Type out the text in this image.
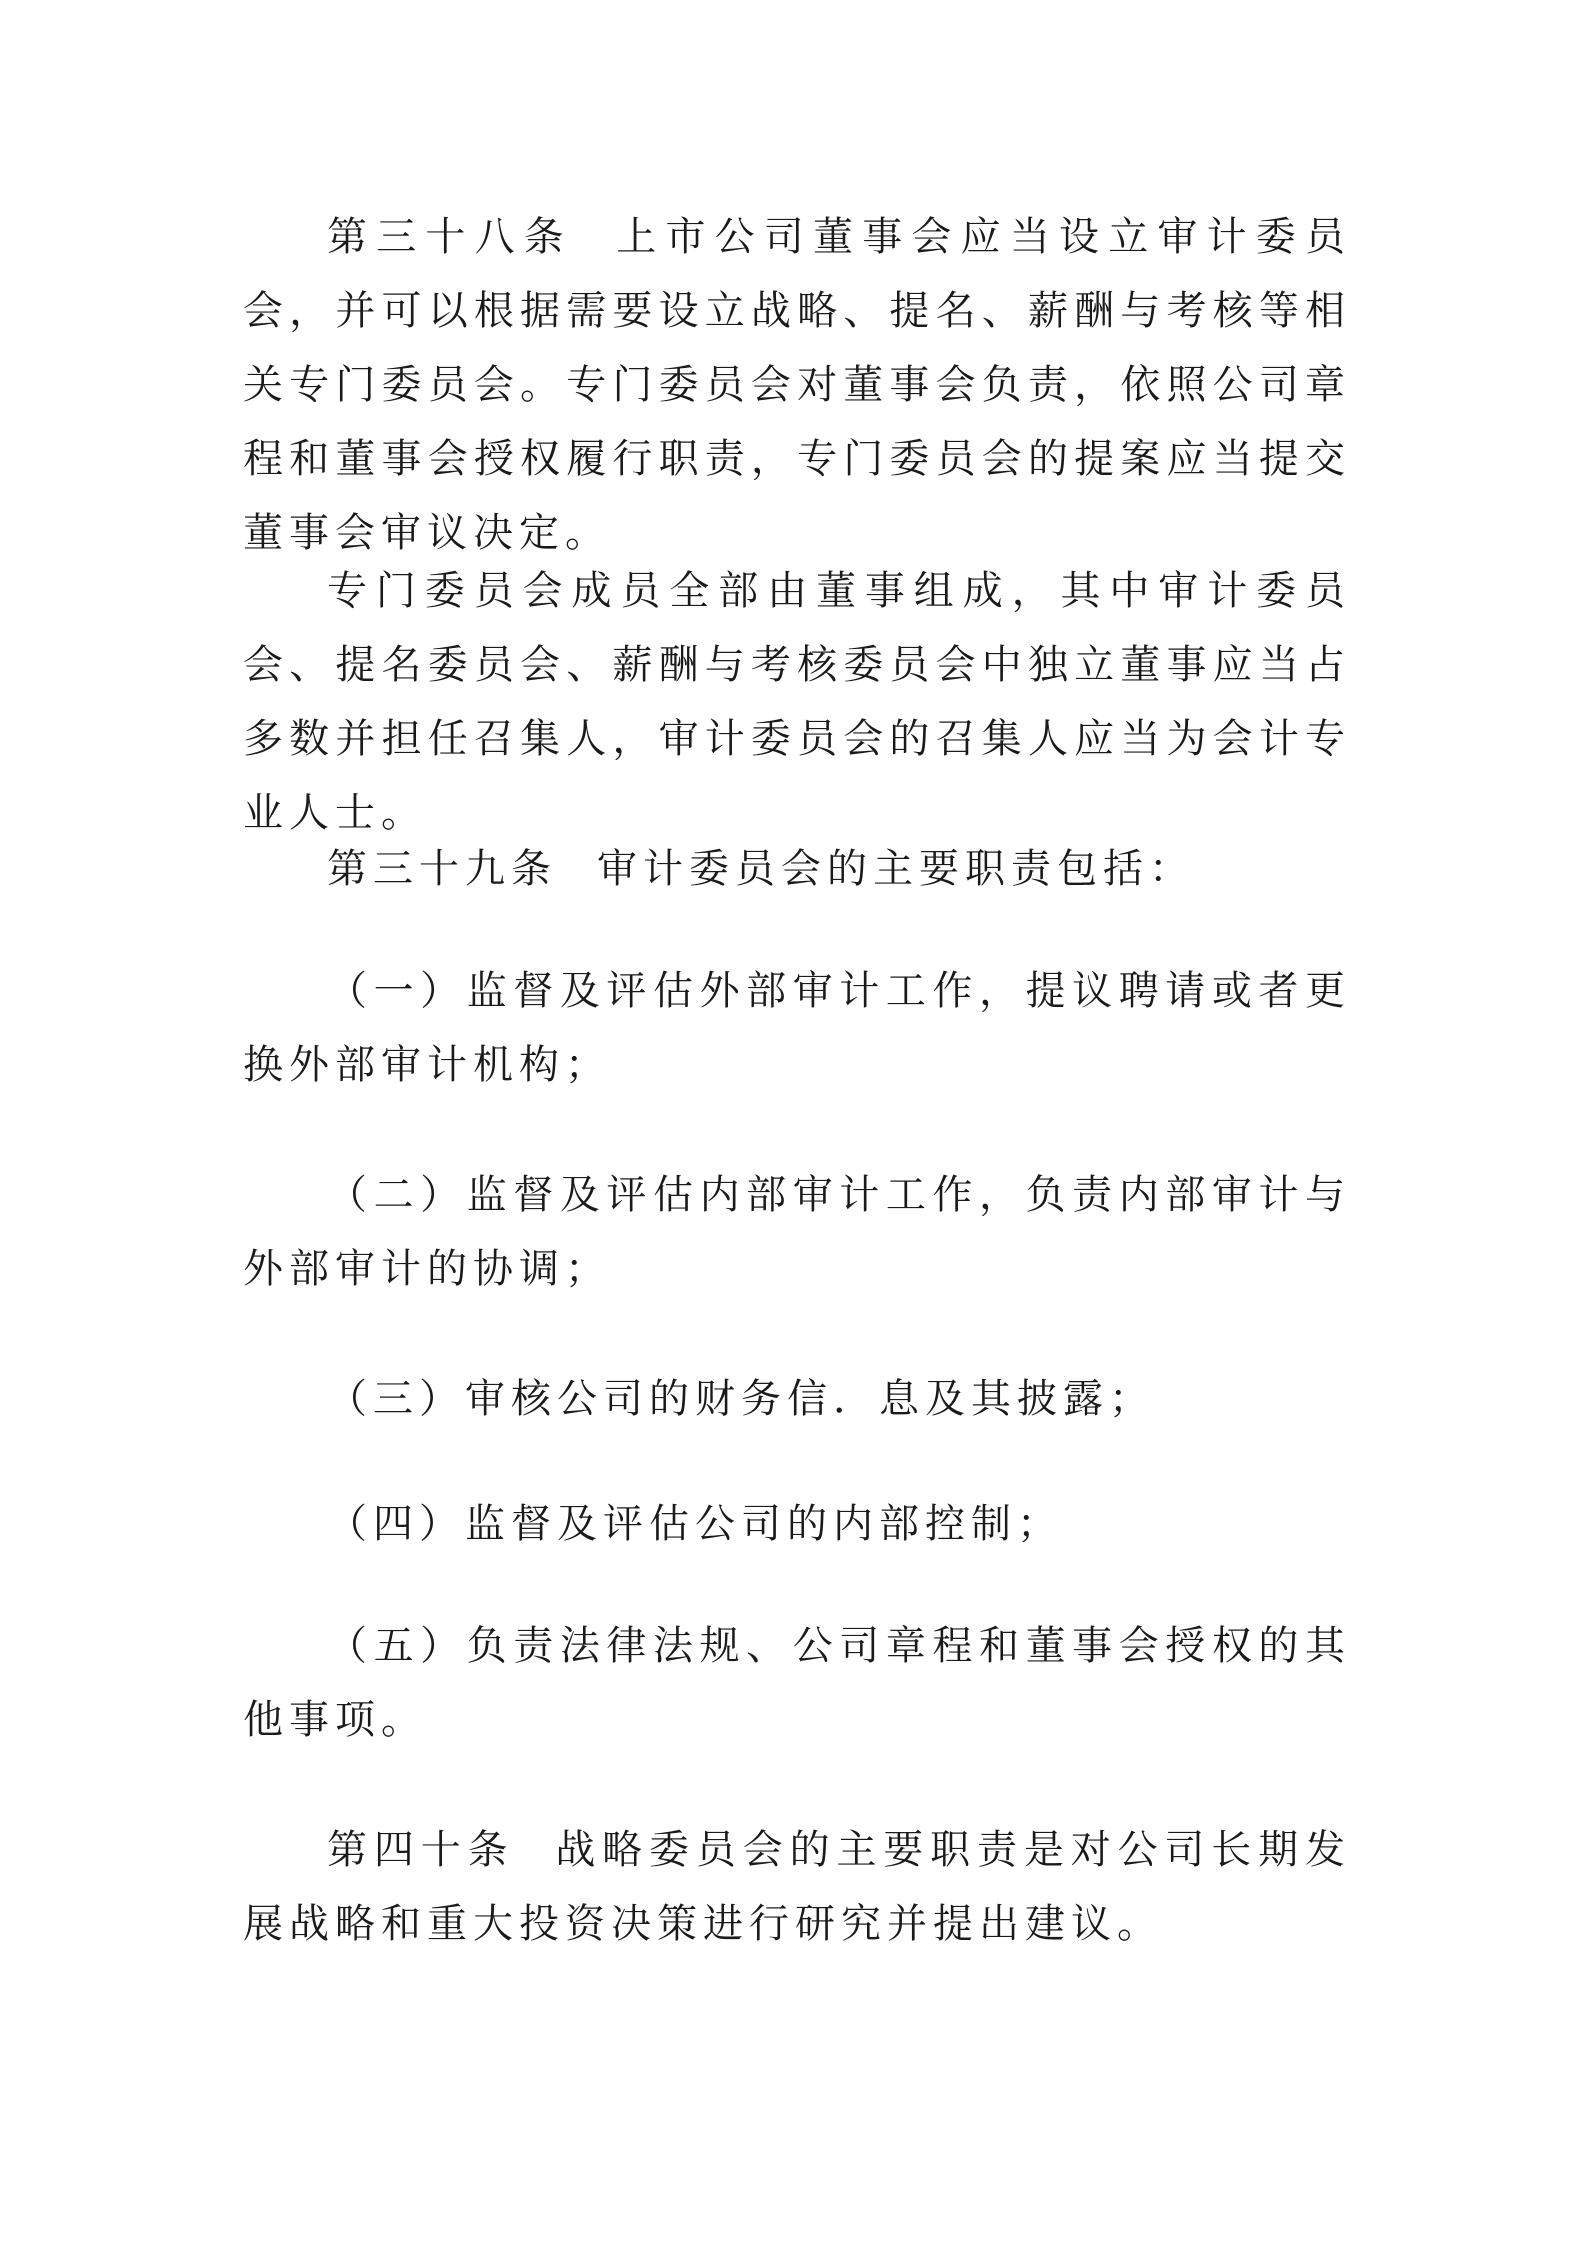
第三十八条 上市公司董事会应当设立审计委员会，并可以根据需要设立战略、提名、薪酬与考核等相关专门委员会。专门委员会对董事会负责，依照公司章程和董事会授权履行职责，专门委员会的提案应当提交董事会审议决定。

专门委员会成员全部由董事组成，其中审计委员会、提名委员会、薪酬与考核委员会中独立董事应当占多数并担任召集人，审计委员会的召集人应当为会计专业人士。

第三十九条 审计委员会的主要职责包括：

（一）监督及评估外部审计工作，提议聘请或者更换外部审计机构；

（二）监督及评估内部审计工作，负责内部审计与外部审计的协调；

（三）审核公司的财务信．息及其披露；

（四）监督及评估公司的内部控制；

（五）负责法律法规、公司章程和董事会授权的其他事项。

第四十条 战略委员会的主要职责是对公司长期发展战略和重大投资决策进行研究并提出建议。
